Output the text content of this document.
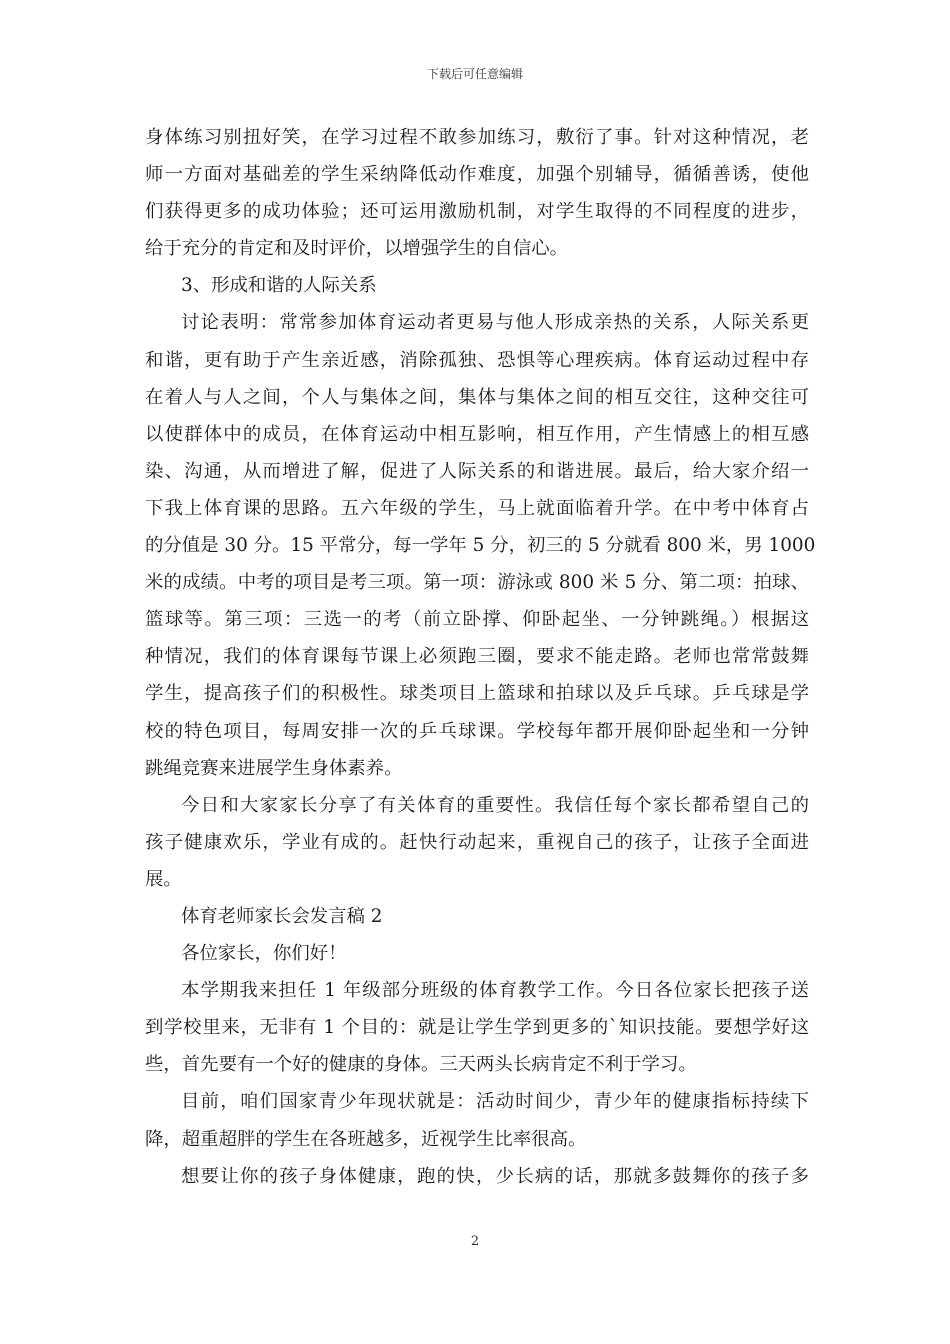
下载后可任意编辑
身体练习别扭好笑，在学习过程不敢参加练习，敷衍了事。针对这种情况，老
师一方面对基础差的学生采纳降低动作难度，加强个别辅导，循循善诱，使他
们获得更多的成功体验；还可运用激励机制，对学生取得的不同程度的进步，
给于充分的肯定和及时评价，以增强学生的自信心。
3、形成和谐的人际关系
讨论表明：常常参加体育运动者更易与他人形成亲热的关系，人际关系更
和谐，更有助于产生亲近感，消除孤独、恐惧等心理疾病。体育运动过程中存
在着人与人之间，个人与集体之间，集体与集体之间的相互交往，这种交往可
以使群体中的成员，在体育运动中相互影响，相互作用，产生情感上的相互感
染、沟通，从而增进了解，促进了人际关系的和谐进展。最后，给大家介绍一
下我上体育课的思路。五六年级的学生，马上就面临着升学。在中考中体育占
的分值是 30 分。15 平常分，每一学年 5 分，初三的 5 分就看 800 米，男 1000
米的成绩。中考的项目是考三项。第一项：游泳或 800 米 5 分、第二项：拍球、
篮球等。第三项：三选一的考（前立卧撑、仰卧起坐、一分钟跳绳。）根据这
种情况，我们的体育课每节课上必须跑三圈，要求不能走路。老师也常常鼓舞
学生，提高孩子们的积极性。球类项目上篮球和拍球以及乒乓球。乒乓球是学
校的特色项目，每周安排一次的乒乓球课。学校每年都开展仰卧起坐和一分钟
跳绳竞赛来进展学生身体素养。
今日和大家家长分享了有关体育的重要性。我信任每个家长都希望自己的
孩子健康欢乐，学业有成的。赶快行动起来，重视自己的孩子，让孩子全面进
展。
体育老师家长会发言稿 2
各位家长，你们好！
本学期我来担任 1 年级部分班级的体育教学工作。今日各位家长把孩子送
到学校里来，无非有 1 个目的：就是让学生学到更多的`知识技能。要想学好这
些，首先要有一个好的健康的身体。三天两头长病肯定不利于学习。
目前，咱们国家青少年现状就是：活动时间少，青少年的健康指标持续下
降，超重超胖的学生在各班越多，近视学生比率很高。
想要让你的孩子身体健康，跑的快，少长病的话，那就多鼓舞你的孩子多
2
